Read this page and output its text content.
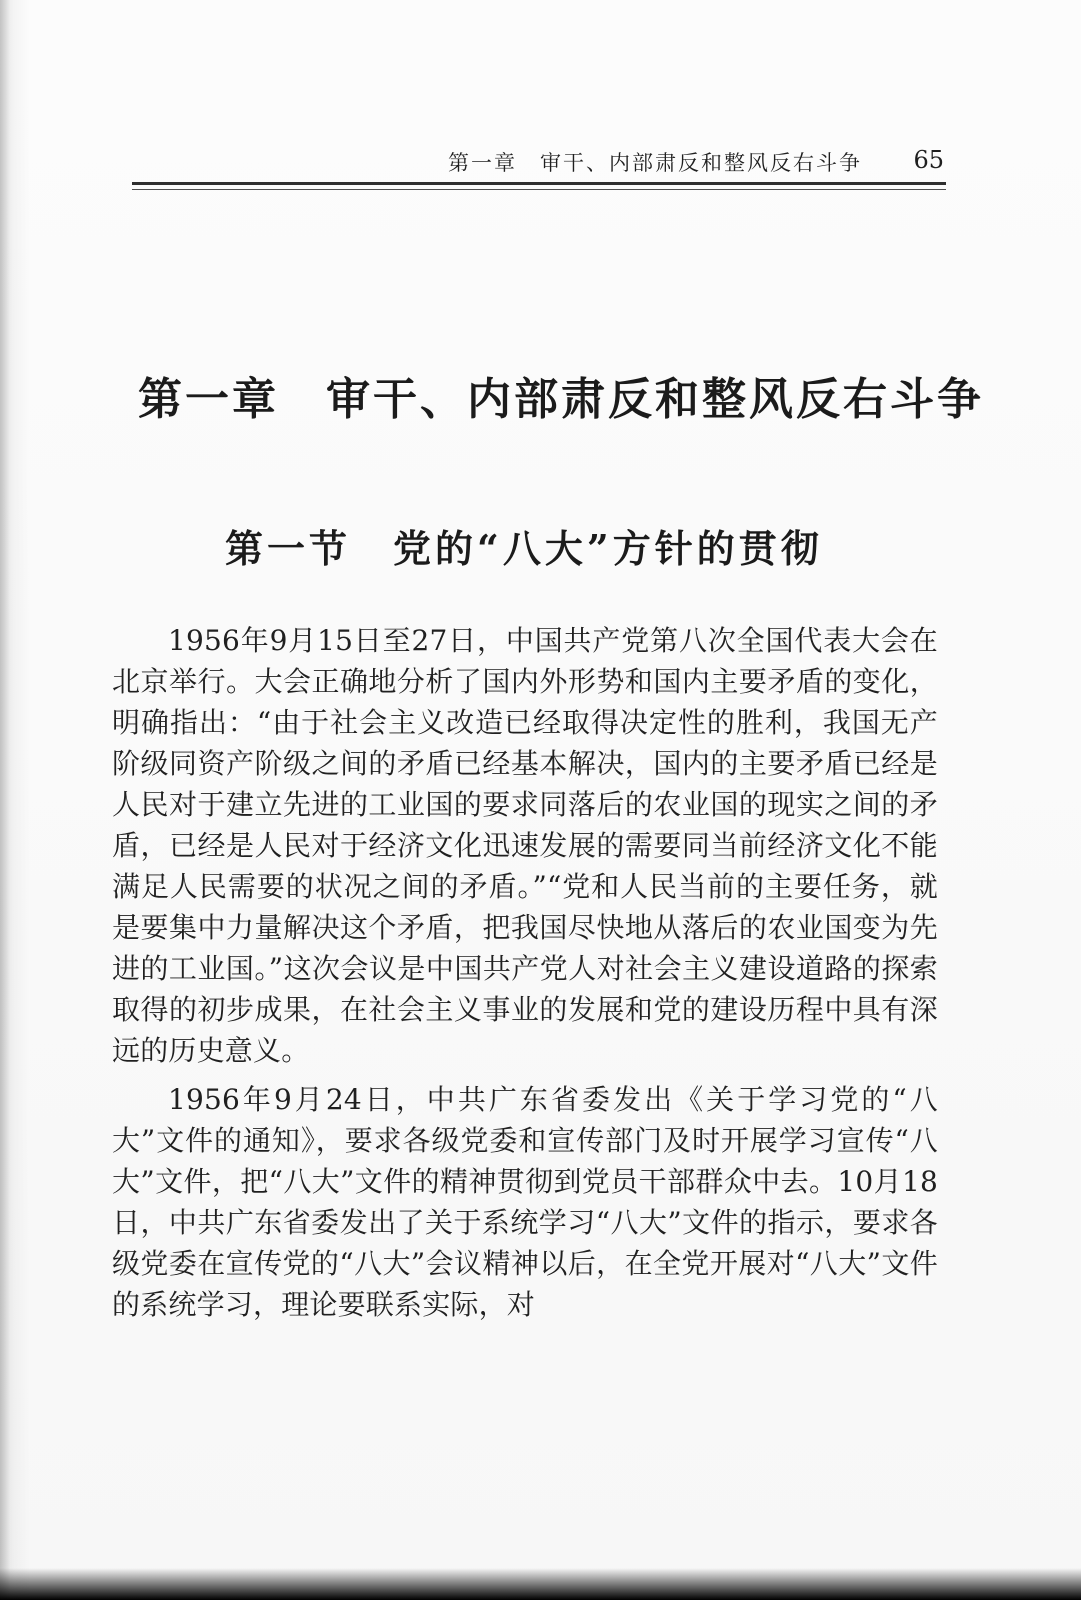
第一章　审干、内部肃反和整风反右斗争 65
第一章　审干、内部肃反和整风反右斗争
第一节　党的“八大”方针的贯彻

1956年9月15日至27日，中国共产党第八次全国代表大会在北京举行。大会正确地分析了国内外形势和国内主要矛盾的变化，明确指出：“由于社会主义改造已经取得决定性的胜利，我国无产阶级同资产阶级之间的矛盾已经基本解决，国内的主要矛盾已经是人民对于建立先进的工业国的要求同落后的农业国的现实之间的矛盾，已经是人民对于经济文化迅速发展的需要同当前经济文化不能满足人民需要的状况之间的矛盾。”“党和人民当前的主要任务，就是要集中力量解决这个矛盾，把我国尽快地从落后的农业国变为先进的工业国。”这次会议是中国共产党人对社会主义建设道路的探索取得的初步成果，在社会主义事业的发展和党的建设历程中具有深远的历史意义。

1956年9月24日，中共广东省委发出《关于学习党的“八大”文件的通知》，要求各级党委和宣传部门及时开展学习宣传“八大”文件，把“八大”文件的精神贯彻到党员干部群众中去。10月18日，中共广东省委发出了关于系统学习“八大”文件的指示，要求各级党委在宣传党的“八大”会议精神以后，在全党开展对“八大”文件的系统学习，理论要联系实际，对
